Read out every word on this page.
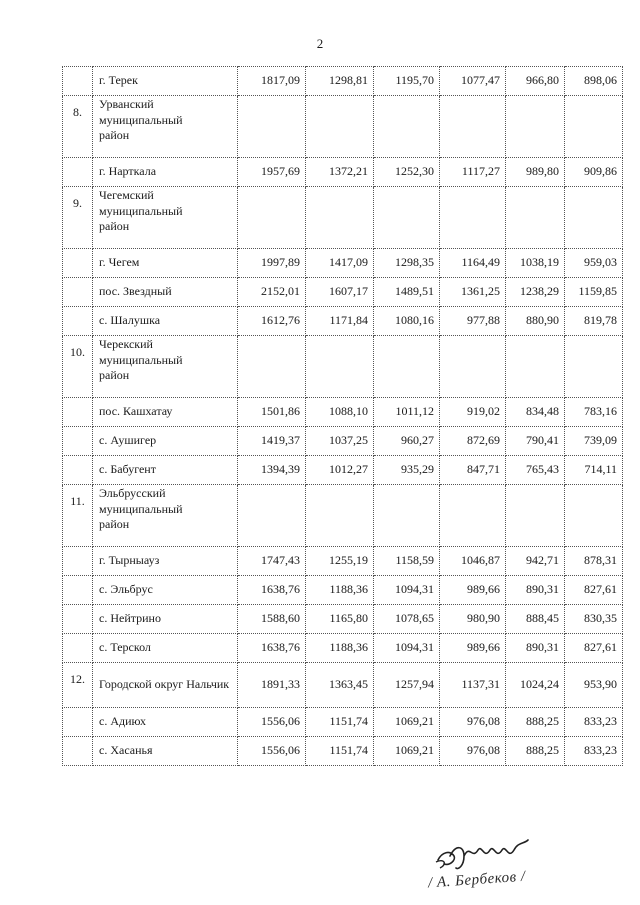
2
	г. Терек	1817,09	1298,81	1195,70	1077,47	966,80	898,06
8.	Урванский муниципальный район						
	г. Нарткала	1957,69	1372,21	1252,30	1117,27	989,80	909,86
9.	Чегемский муниципальный район						
	г. Чегем	1997,89	1417,09	1298,35	1164,49	1038,19	959,03
	пос. Звездный	2152,01	1607,17	1489,51	1361,25	1238,29	1159,85
	с. Шалушка	1612,76	1171,84	1080,16	977,88	880,90	819,78
10.	Черекский муниципальный район						
	пос. Кашхатау	1501,86	1088,10	1011,12	919,02	834,48	783,16
	с. Аушигер	1419,37	1037,25	960,27	872,69	790,41	739,09
	с. Бабугент	1394,39	1012,27	935,29	847,71	765,43	714,11
11.	Эльбрусский муниципальный район						
	г. Тырныауз	1747,43	1255,19	1158,59	1046,87	942,71	878,31
	с. Эльбрус	1638,76	1188,36	1094,31	989,66	890,31	827,61
	с. Нейтрино	1588,60	1165,80	1078,65	980,90	888,45	830,35
	с. Терскол	1638,76	1188,36	1094,31	989,66	890,31	827,61
12.	Городской округ Нальчик	1891,33	1363,45	1257,94	1137,31	1024,24	953,90
	с. Адиюх	1556,06	1151,74	1069,21	976,08	888,25	833,23
	с. Хасанья	1556,06	1151,74	1069,21	976,08	888,25	833,23
/ А. Бербеков /
